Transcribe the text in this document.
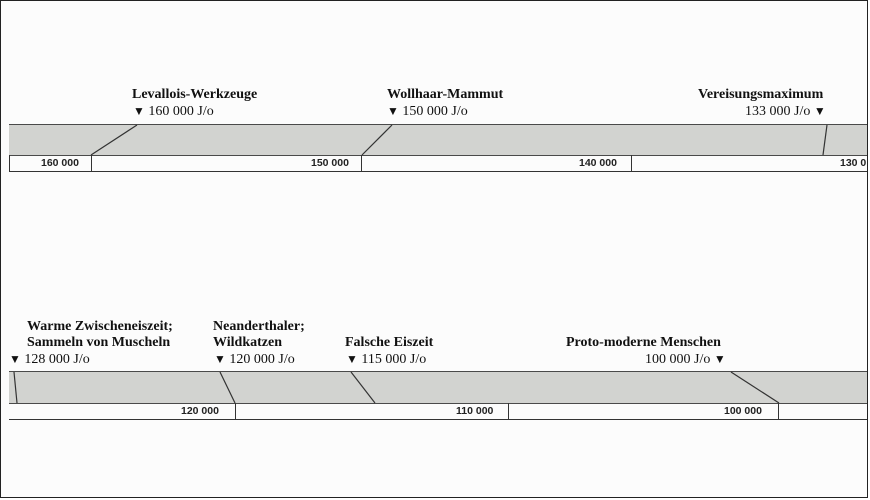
Levallois-Werkzeuge
▼ 160 000 J/o
Wollhaar-Mammut
▼ 150 000 J/o
Vereisungsmaximum
133 000 J/o ▼
160 000	150 000	140 000	130 0
Warme Zwischeneiszeit;
Sammeln von Muscheln
▼ 128 000 J/o
Neanderthaler;
Wildkatzen
▼ 120 000 J/o
Falsche Eiszeit
▼ 115 000 J/o
Proto-moderne Menschen
100 000 J/o ▼
120 000	110 000	100 000
